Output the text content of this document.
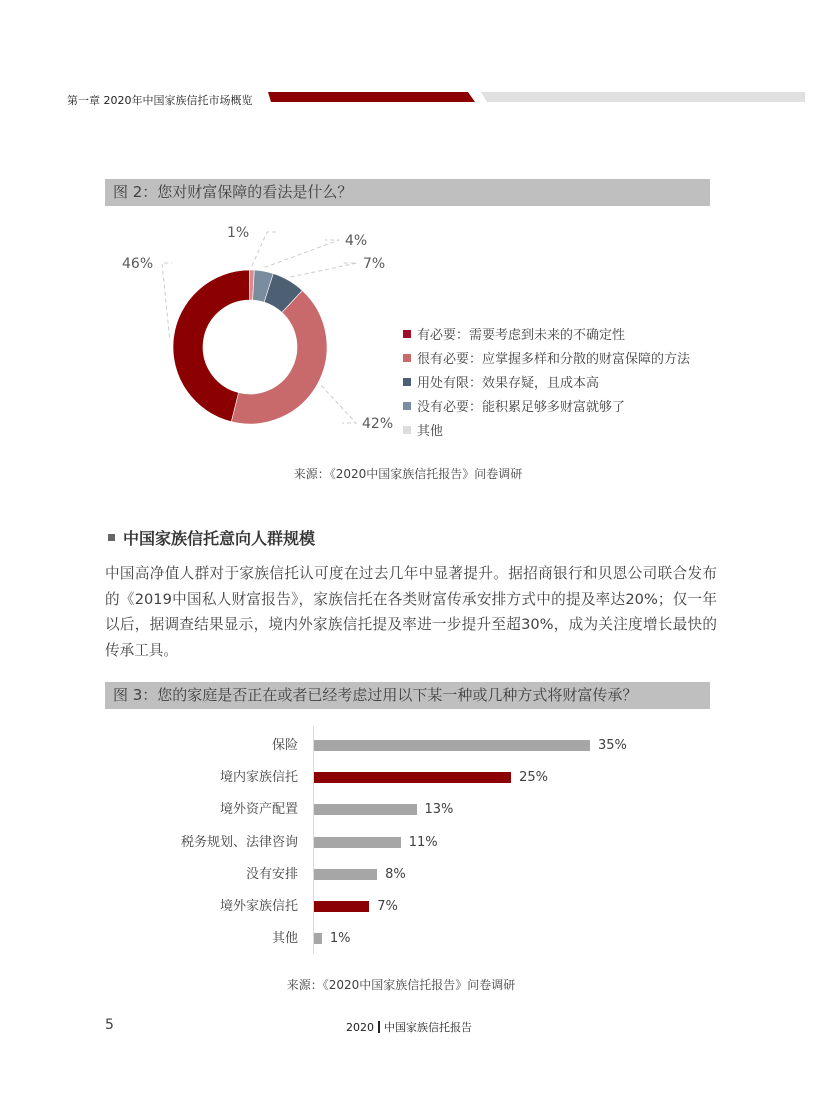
第一章 2020年中国家族信托市场概览
图 2：您对财富保障的看法是什么？
46%
1%	4%
7%
42%
有必要：需要考虑到未来的不确定性
很有必要：应掌握多样和分散的财富保障的方法
用处有限：效果存疑，且成本高
没有必要：能积累足够多财富就够了
其他
来源：《2020中国家族信托报告》问卷调研
中国家族信托意向人群规模
中国高净值人群对于家族信托认可度在过去几年中显著提升。据招商银行和贝恩公司联合发布的《2019中国私人财富报告》，家族信托在各类财富传承安排方式中的提及率达20%；仅一年以后，据调查结果显示，境内外家族信托提及率进一步提升至超30%，成为关注度增长最快的传承工具。
图 3：您的家庭是否正在或者已经考虑过用以下某一种或几种方式将财富传承？
保险	35%
境内家族信托	25%
境外资产配置	13%
税务规划、法律咨询	11%
没有安排	8%
境外家族信托	7%
其他 1%
来源：《2020中国家族信托报告》问卷调研
5	2020 中国家族信托报告
